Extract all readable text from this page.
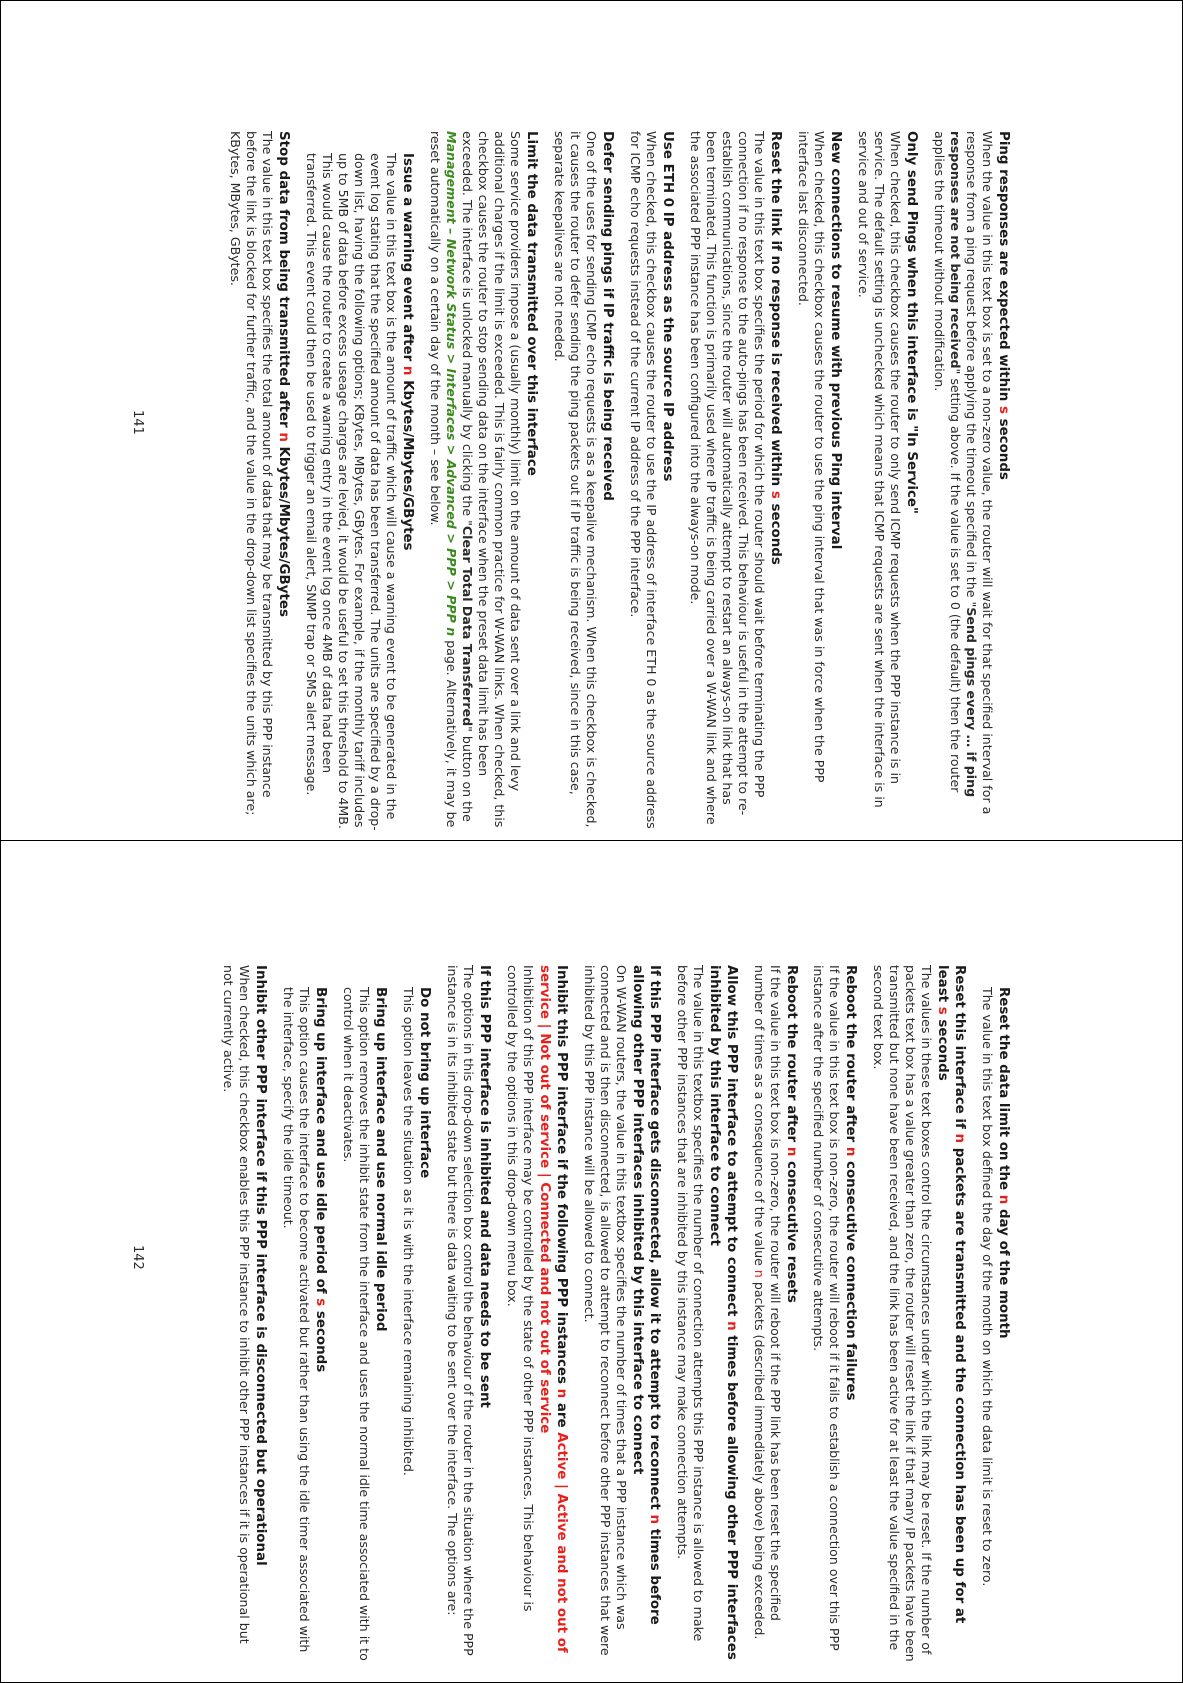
Ping responses are expected within s seconds
When the value in this text box is set to a non-zero value, the router will wait for that specified interval for a response from a ping request before applying the timeout specified in the "Send pings every … if ping responses are not being received" setting above. If the value is set to 0 (the default) then the router applies the timeout without modification.
Only send Pings when this interface is "In Service"
When checked, this checkbox causes the router to only send ICMP requests when the PPP instance is in service. The default setting is unchecked which means that ICMP requests are sent when the interface is in service and out of service.
New connections to resume with previous Ping interval
When checked, this checkbox causes the router to use the ping interval that was in force when the PPP interface last disconnected.
Reset the link if no response is received within s seconds
The value in this text box specifies the period for which the router should wait before terminating the PPP connection if no response to the auto-pings has been received. This behaviour is useful in the attempt to re-establish communications, since the router will automatically attempt to restart an always-on link that has been terminated. This function is primarily used where IP traffic is being carried over a W-WAN link and where the associated PPP instance has been configured into the always-on mode.
Use ETH 0 IP address as the source IP address
When checked, this checkbox causes the router to use the IP address of interface ETH 0 as the source address for ICMP echo requests instead of the current IP address of the PPP interface.
Defer sending pings if IP traffic is being received
One of the uses for sending ICMP echo requests is as a keepalive mechanism. When this checkbox is checked, it causes the router to defer sending the ping packets out if IP traffic is being received, since in this case, separate keepalives are not needed.
Limit the data transmitted over this interface
Some service providers impose a (usually monthly) limit on the amount of data sent over a link and levy additional charges if the limit is exceeded. This is fairly common practice for W-WAN links. When checked, this checkbox causes the router to stop sending data on the interface when the preset data limit has been exceeded. The interface is unlocked manually by clicking the "Clear Total Data Transferred" button on the Management – Network Status > Interfaces > Advanced > PPP > PPP n page. Alternatively, it may be reset automatically on a certain day of the month – see below.
Issue a warning event after n Kbytes/Mbytes/GBytes
The value in this text box is the amount of traffic which will cause a warning event to be generated in the event log stating that the specified amount of data has been transferred. The units are specified by a drop-down list, having the following options; KBytes, MBytes, GBytes. For example, if the monthly tariff includes up to 5MB of data before excess useage charges are levied, it would be useful to set this threshold to 4MB. This would cause the router to create a warning entry in the event log once 4MB of data had been transferred. This event could then be used to trigger an email alert, SNMP trap or SMS alert message.
Stop data from being transmitted after n Kbytes/Mbytes/GBytes
The value in this text box specifies the total amount of data that may be transmitted by this PPP instance before the link is blocked for further traffic, and the value in the drop-down list specifies the units which are; KBytes, MBytes, GBytes.
141
Reset the data limit on the n day of the month
The value in this text box defined the day of the month on which the data limit is reset to zero.
Reset this interface if n packets are transmitted and the connection has been up for at least s seconds
The values in these text boxes control the circumstances under which the link may be reset. If the number of packets text box has a value greater than zero, the router will reset the link if that many IP packets have been transmitted but none have been received, and the link has been active for at least the value specified in the second text box.
Reboot the router after n consecutive connection failures
If the value in this text box is non-zero, the router will reboot if it fails to establish a connection over this PPP instance after the specified number of consecutive attempts.
Reboot the router after n consecutive resets
If the value in this text box is non-zero, the router will reboot if the PPP link has been reset the specified number of times as a consequence of the value n packets (described immediately above) being exceeded.
Allow this PPP interface to attempt to connect n times before allowing other PPP interfaces inhibited by this interface to connect
The value in this textbox specifies the number of connection attempts this PPP instance is allowed to make before other PPP instances that are inhibited by this instance may make connection attempts.
If this PPP interface gets disconnected, allow it to attempt to reconnect n times before allowing other PPP interfaces inhibited by this interface to connect
On W-WAN routers, the value in this textbox specifies the number of times that a PPP instance which was connected and is then disconnected, is allowed to attempt to reconnect before other PPP instances that were inhibited by this PPP instance will be allowed to connect.
Inhibit this PPP interface if the following PPP instances n are Active | Active and not out of service | Not out of service | Connected and not out of service
Inhibition of this PPP interface may be controlled by the state of other PPP instances. This behaviour is controlled by the options in this drop-down menu box.
If this PPP interface is inhibited and data needs to be sent
The options in this drop-down selection box control the behaviour of the router in the situation where the PPP instance is in its inhibited state but there is data waiting to be sent over the interface. The options are:
Do not bring up interface
This option leaves the situation as it is with the interface remaining inhibited.
Bring up interface and use normal idle period
This option removes the inhibit state from the interface and uses the normal idle time associated with it to control when it deactivates.
Bring up interface and use idle period of s seconds
This option causes the interface to become activated but rather than using the idle timer associated with the interface, specify the idle timeout.
Inhibit other PPP interface if this PPP interface is disconnected but operational
When checked, this checkbox enables this PPP instance to inhibit other PPP instances if it is operational but not currently active.
142
